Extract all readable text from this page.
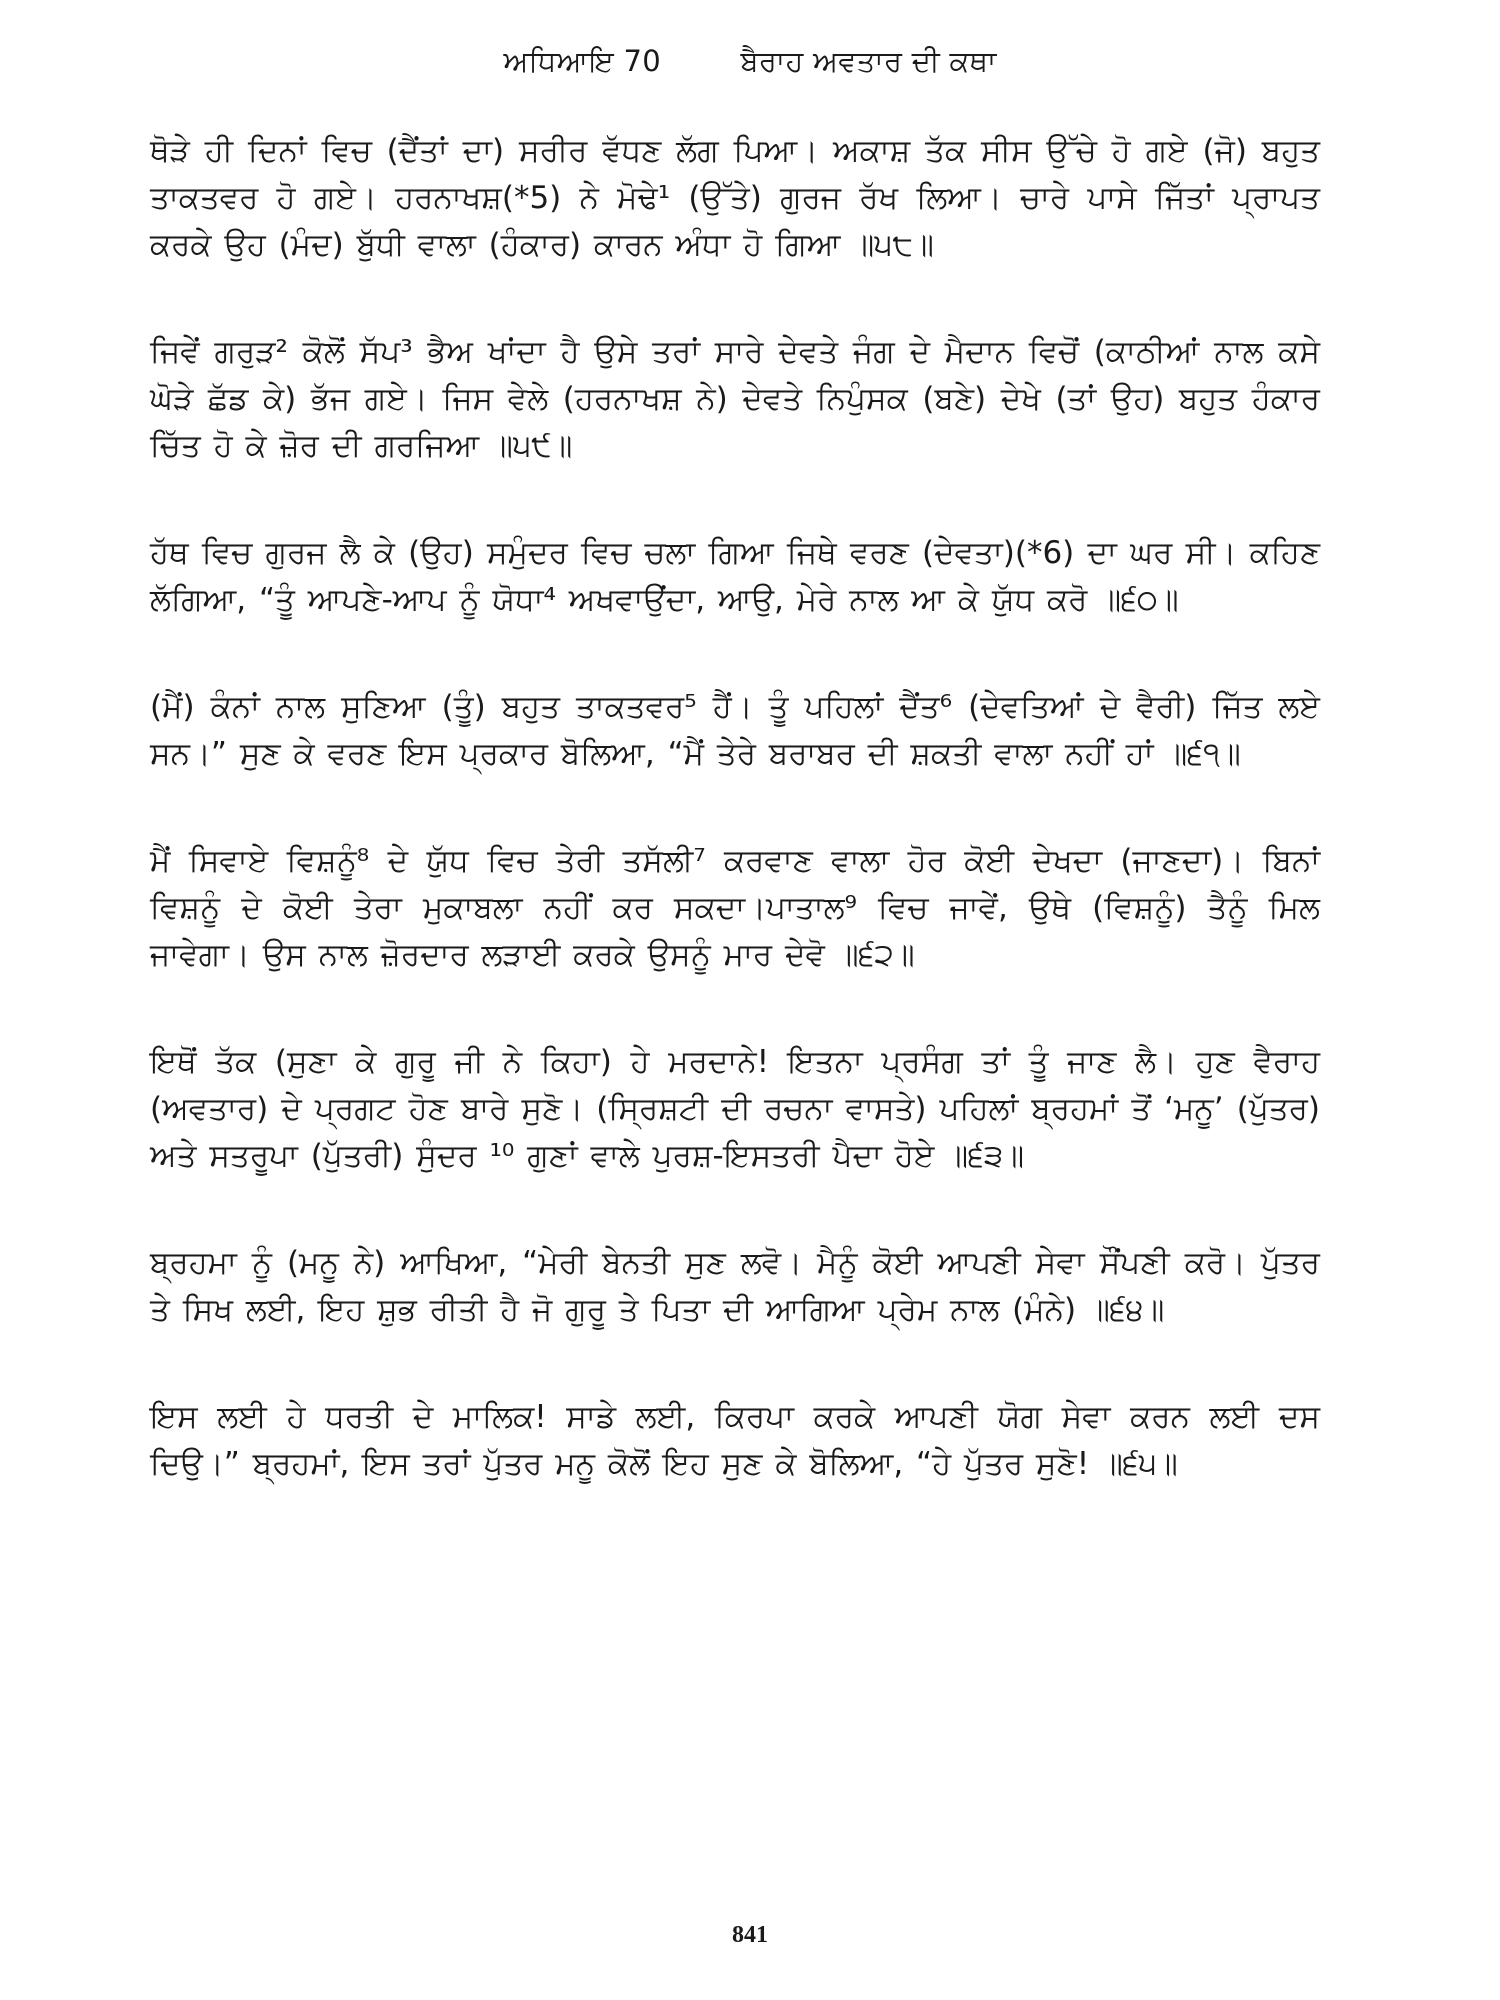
ਅਧਿਆਇ 70	ਬੈਰਾਹ ਅਵਤਾਰ ਦੀ ਕਥਾ

ਥੋੜੇ ਹੀ ਦਿਨਾਂ ਵਿਚ (ਦੈਂਤਾਂ ਦਾ) ਸਰੀਰ ਵੱਧਣ ਲੱਗ ਪਿਆ। ਅਕਾਸ਼ ਤੱਕ ਸੀਸ ਉੱਚੇ ਹੋ ਗਏ (ਜੋ) ਬਹੁਤ ਤਾਕਤਵਰ ਹੋ ਗਏ। ਹਰਨਾਖਸ਼(*5) ਨੇ ਮੋਢੇ¹ (ਉੱਤੇ) ਗੁਰਜ ਰੱਖ ਲਿਆ। ਚਾਰੇ ਪਾਸੇ ਜਿੱਤਾਂ ਪ੍ਰਾਪਤ ਕਰਕੇ ਉਹ (ਮੰਦ) ਬੁੱਧੀ ਵਾਲਾ (ਹੰਕਾਰ) ਕਾਰਨ ਅੰਧਾ ਹੋ ਗਿਆ ॥੫੮॥

ਜਿਵੇਂ ਗਰੁੜ² ਕੋਲੋਂ ਸੱਪ³ ਭੈਅ ਖਾਂਦਾ ਹੈ ਉਸੇ ਤਰਾਂ ਸਾਰੇ ਦੇਵਤੇ ਜੰਗ ਦੇ ਮੈਦਾਨ ਵਿਚੋਂ (ਕਾਠੀਆਂ ਨਾਲ ਕਸੇ ਘੋੜੇ ਛੱਡ ਕੇ) ਭੱਜ ਗਏ। ਜਿਸ ਵੇਲੇ (ਹਰਨਾਖਸ਼ ਨੇ) ਦੇਵਤੇ ਨਿਪੁੰਸਕ (ਬਣੇ) ਦੇਖੇ (ਤਾਂ ਉਹ) ਬਹੁਤ ਹੰਕਾਰ ਚਿੱਤ ਹੋ ਕੇ ਜ਼ੋਰ ਦੀ ਗਰਜਿਆ ॥੫੯॥

ਹੱਥ ਵਿਚ ਗੁਰਜ ਲੈ ਕੇ (ਉਹ) ਸਮੁੰਦਰ ਵਿਚ ਚਲਾ ਗਿਆ ਜਿਥੇ ਵਰਣ (ਦੇਵਤਾ)(*6) ਦਾ ਘਰ ਸੀ। ਕਹਿਣ ਲੱਗਿਆ, “ਤੂੰ ਆਪਣੇ-ਆਪ ਨੂੰ ਯੋਧਾ⁴ ਅਖਵਾਉਂਦਾ, ਆਉ, ਮੇਰੇ ਨਾਲ ਆ ਕੇ ਯੁੱਧ ਕਰੋ ॥੬੦॥

(ਮੈਂ) ਕੰਨਾਂ ਨਾਲ ਸੁਣਿਆ (ਤੂੰ) ਬਹੁਤ ਤਾਕਤਵਰ⁵ ਹੈਂ। ਤੂੰ ਪਹਿਲਾਂ ਦੈਂਤ⁶ (ਦੇਵਤਿਆਂ ਦੇ ਵੈਰੀ) ਜਿੱਤ ਲਏ ਸਨ।” ਸੁਣ ਕੇ ਵਰਣ ਇਸ ਪ੍ਰਕਾਰ ਬੋਲਿਆ, “ਮੈਂ ਤੇਰੇ ਬਰਾਬਰ ਦੀ ਸ਼ਕਤੀ ਵਾਲਾ ਨਹੀਂ ਹਾਂ ॥੬੧॥

ਮੈਂ ਸਿਵਾਏ ਵਿਸ਼ਨੂੰ⁸ ਦੇ ਯੁੱਧ ਵਿਚ ਤੇਰੀ ਤਸੱਲੀ⁷ ਕਰਵਾਣ ਵਾਲਾ ਹੋਰ ਕੋਈ ਦੇਖਦਾ (ਜਾਣਦਾ)। ਬਿਨਾਂ ਵਿਸ਼ਨੂੰ ਦੇ ਕੋਈ ਤੇਰਾ ਮੁਕਾਬਲਾ ਨਹੀਂ ਕਰ ਸਕਦਾ।ਪਾਤਾਲ⁹ ਵਿਚ ਜਾਵੇਂ, ਉਥੇ (ਵਿਸ਼ਨੂੰ) ਤੈਨੂੰ ਮਿਲ ਜਾਵੇਗਾ। ਉਸ ਨਾਲ ਜ਼ੋਰਦਾਰ ਲੜਾਈ ਕਰਕੇ ਉਸਨੂੰ ਮਾਰ ਦੇਵੋ ॥੬੨॥

ਇਥੋਂ ਤੱਕ (ਸੁਣਾ ਕੇ ਗੁਰੂ ਜੀ ਨੇ ਕਿਹਾ) ਹੇ ਮਰਦਾਨੇ! ਇਤਨਾ ਪ੍ਰਸੰਗ ਤਾਂ ਤੂੰ ਜਾਣ ਲੈ। ਹੁਣ ਵੈਰਾਹ (ਅਵਤਾਰ) ਦੇ ਪ੍ਰਗਟ ਹੋਣ ਬਾਰੇ ਸੁਣੋ। (ਸ੍ਰਿਸ਼ਟੀ ਦੀ ਰਚਨਾ ਵਾਸਤੇ) ਪਹਿਲਾਂ ਬ੍ਰਹਮਾਂ ਤੋਂ ‘ਮਨੂ’ (ਪੁੱਤਰ) ਅਤੇ ਸਤਰੂਪਾ (ਪੁੱਤਰੀ) ਸੁੰਦਰ ¹⁰ ਗੁਣਾਂ ਵਾਲੇ ਪੁਰਸ਼-ਇਸਤਰੀ ਪੈਦਾ ਹੋਏ ॥੬੩॥

ਬ੍ਰਹਮਾ ਨੂੰ (ਮਨੂ ਨੇ) ਆਖਿਆ, “ਮੇਰੀ ਬੇਨਤੀ ਸੁਣ ਲਵੋ। ਮੈਨੂੰ ਕੋਈ ਆਪਣੀ ਸੇਵਾ ਸੌਂਪਣੀ ਕਰੋ। ਪੁੱਤਰ ਤੇ ਸਿਖ ਲਈ, ਇਹ ਸ਼ੁਭ ਰੀਤੀ ਹੈ ਜੋ ਗੁਰੂ ਤੇ ਪਿਤਾ ਦੀ ਆਗਿਆ ਪ੍ਰੇਮ ਨਾਲ (ਮੰਨੇ) ॥੬੪॥

ਇਸ ਲਈ ਹੇ ਧਰਤੀ ਦੇ ਮਾਲਿਕ! ਸਾਡੇ ਲਈ, ਕਿਰਪਾ ਕਰਕੇ ਆਪਣੀ ਯੋਗ ਸੇਵਾ ਕਰਨ ਲਈ ਦਸ ਦਿਉ।” ਬ੍ਰਹਮਾਂ, ਇਸ ਤਰਾਂ ਪੁੱਤਰ ਮਨੂ ਕੋਲੋਂ ਇਹ ਸੁਣ ਕੇ ਬੋਲਿਆ, “ਹੇ ਪੁੱਤਰ ਸੁਣੋ! ॥੬੫॥

841
